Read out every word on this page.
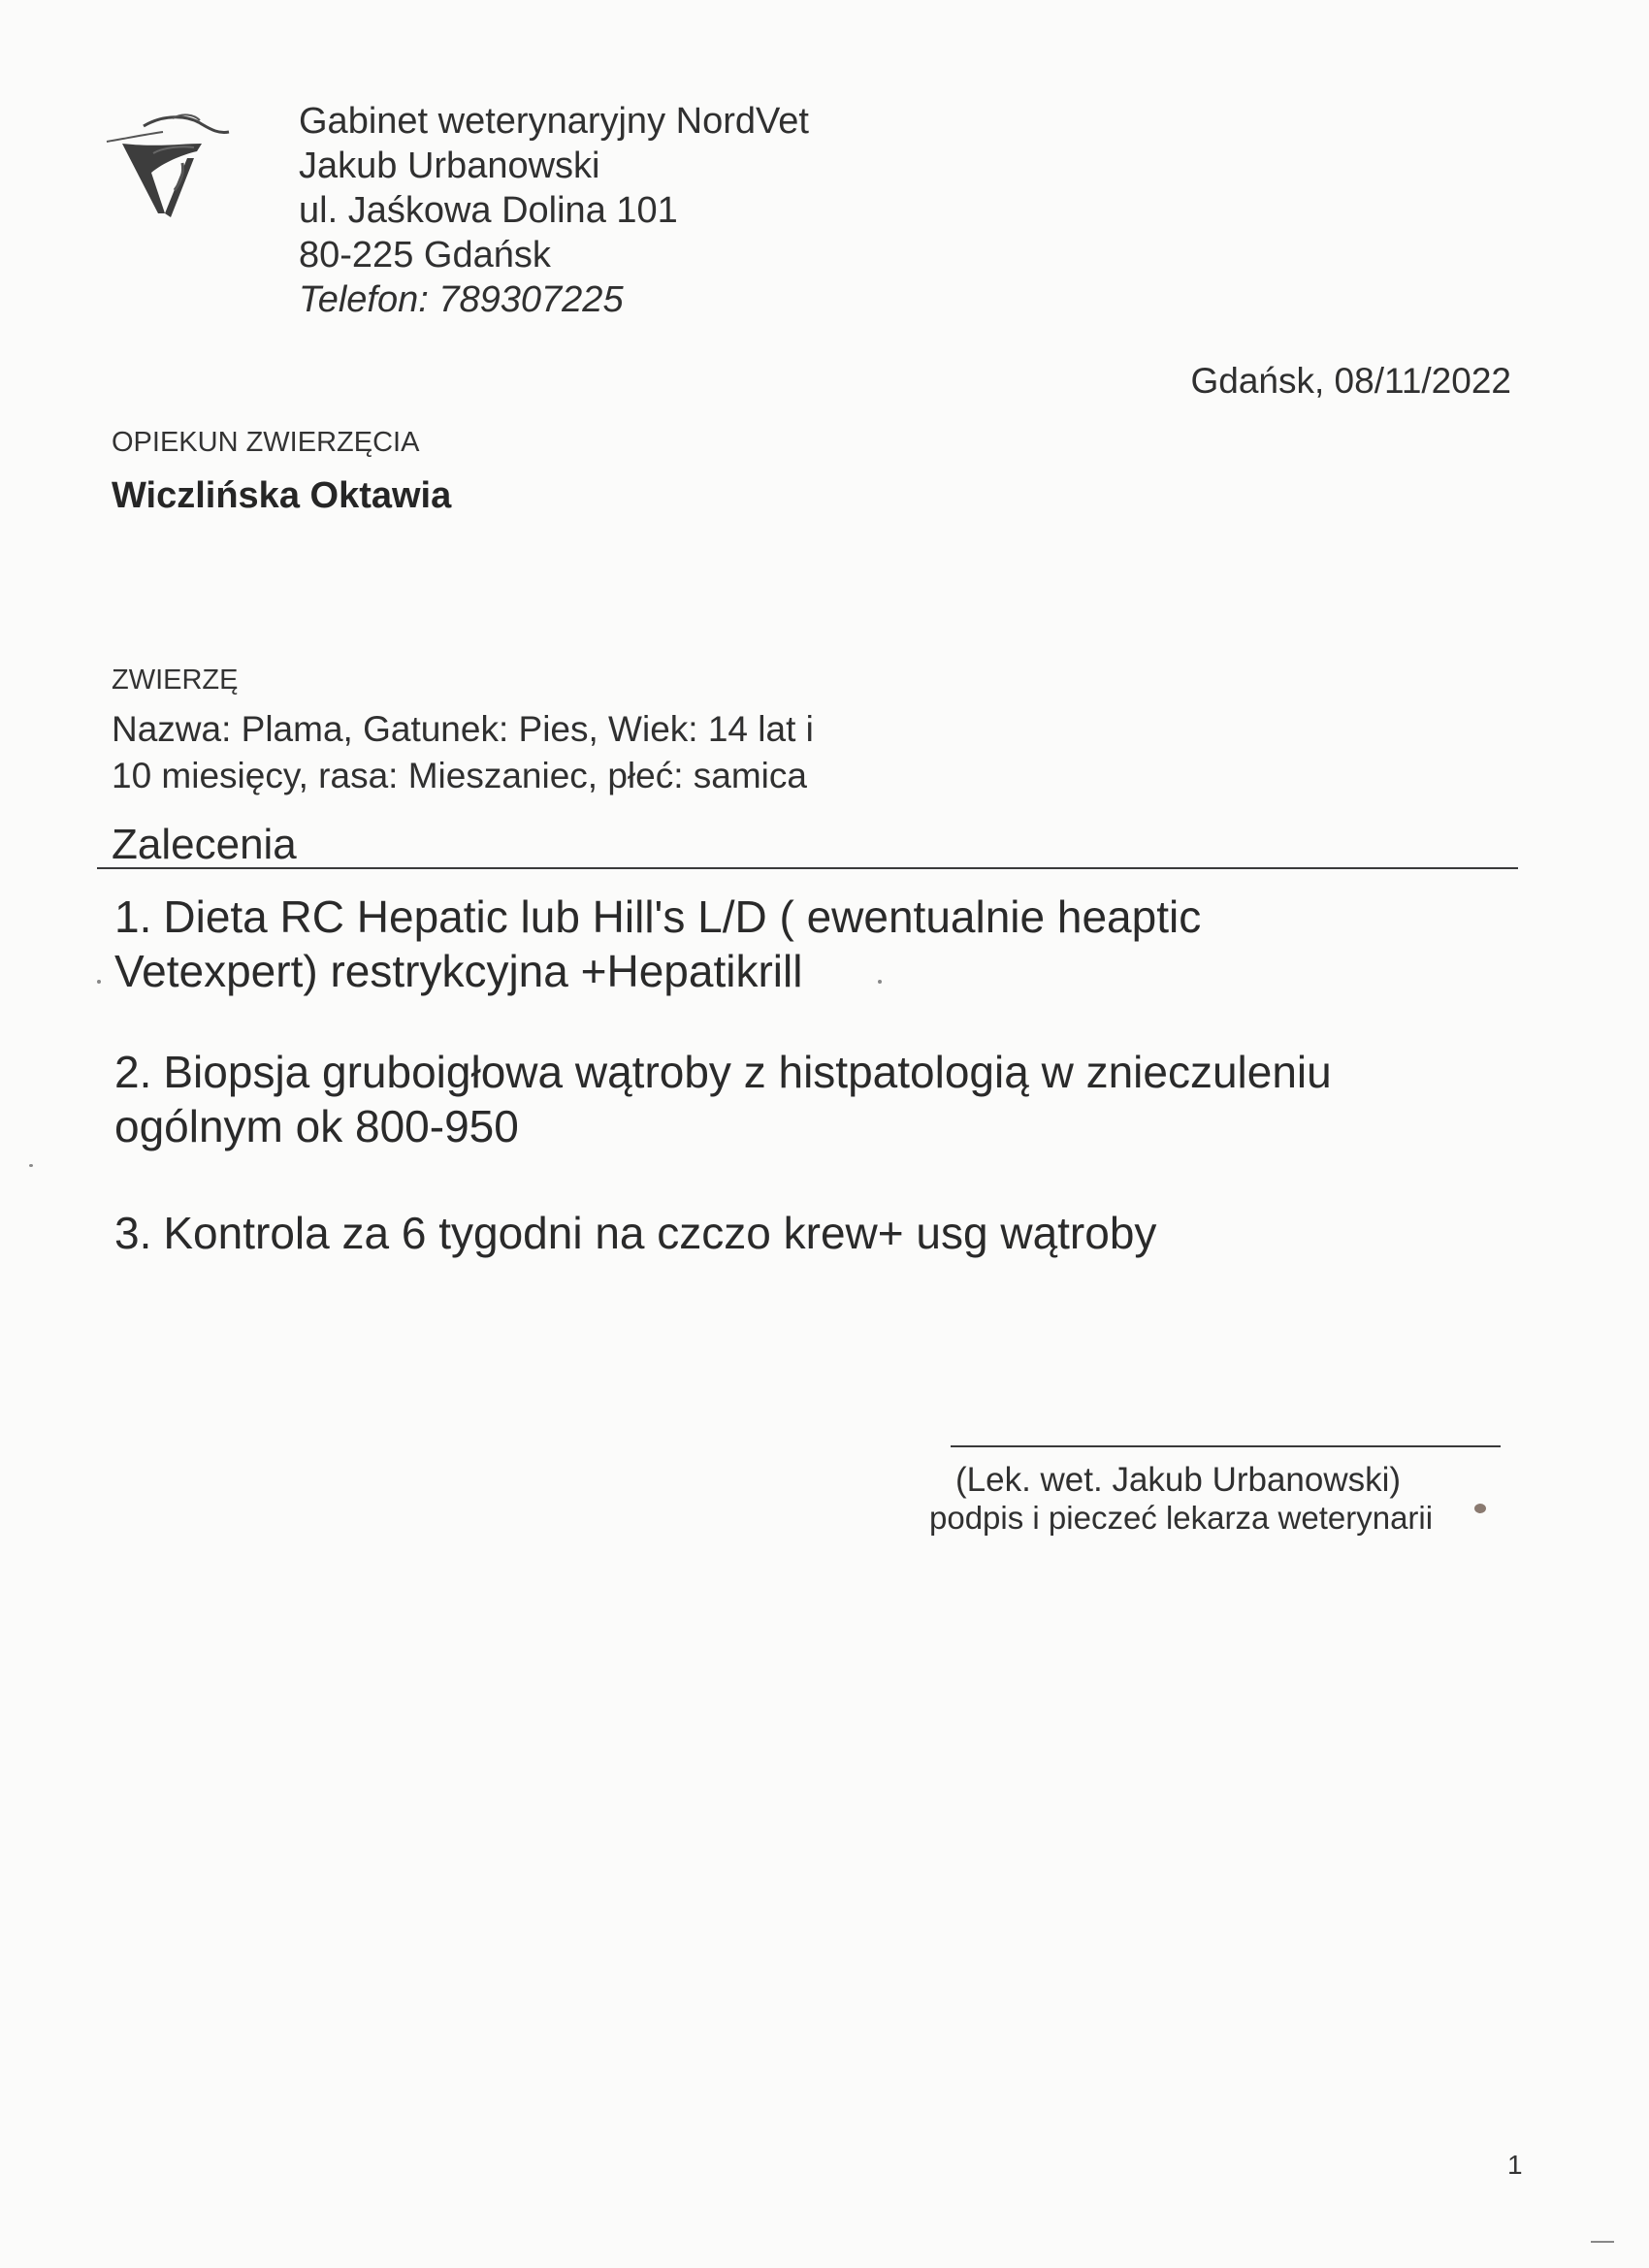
Gabinet weterynaryjny NordVet
Jakub Urbanowski
ul. Jaśkowa Dolina 101
80-225 Gdańsk
Telefon: 789307225
Gdańsk, 08/11/2022
OPIEKUN ZWIERZĘCIA
Wiczlińska Oktawia
ZWIERZĘ
Nazwa: Plama, Gatunek: Pies, Wiek: 14 lat i
10 miesięcy, rasa: Mieszaniec, płeć: samica
Zalecenia
1. Dieta RC Hepatic lub Hill's L/D ( ewentualnie heaptic
Vetexpert) restrykcyjna +Hepatikrill
2. Biopsja gruboigłowa wątroby z histpatologią w znieczuleniu
ogólnym ok 800-950
3. Kontrola za 6 tygodni na czczo krew+ usg wątroby
(Lek. wet. Jakub Urbanowski)
podpis i pieczeć lekarza weterynarii
1
